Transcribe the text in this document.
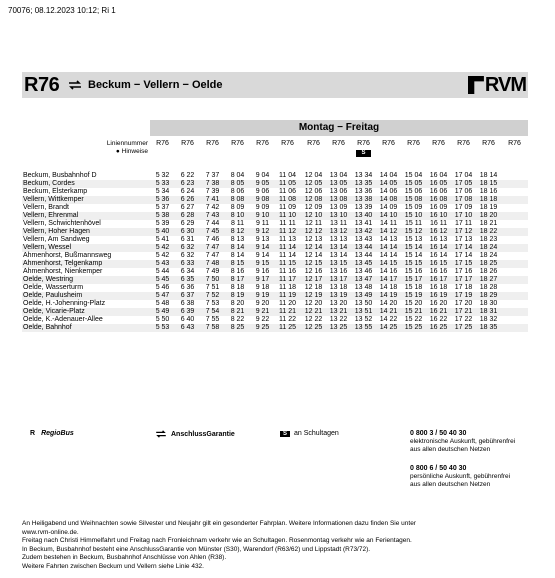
70076; 08.12.2023 10:12; Ri 1
R76	Beckum − Vellern − Oelde	RVM
Montag − Freitag
Liniennummer
● Hinweise
R76	R76	R76	R76	R76	R76	R76	R76	R76	R76	R76	R76	R76	R76	R76
S
Beckum, Busbahnhof D	5 32	6 22	7 37	8 04	9 04	11 04	12 04	13 04	13 34	14 04	15 04	16 04	17 04	18 14
Beckum, Cordes	5 33	6 23	7 38	8 05	9 05	11 05	12 05	13 05	13 35	14 05	15 05	16 05	17 05	18 15
Beckum, Elsterkamp	5 34	6 24	7 39	8 06	9 06	11 06	12 06	13 06	13 36	14 06	15 06	16 06	17 06	18 16
Vellern, Wittkemper	5 36	6 26	7 41	8 08	9 08	11 08	12 08	13 08	13 38	14 08	15 08	16 08	17 08	18 18
Vellern, Brandt	5 37	6 27	7 42	8 09	9 09	11 09	12 09	13 09	13 39	14 09	15 09	16 09	17 09	18 19
Vellern, Ehrenmal	5 38	6 28	7 43	8 10	9 10	11 10	12 10	13 10	13 40	14 10	15 10	16 10	17 10	18 20
Vellern, Schwichtenhövel	5 39	6 29	7 44	8 11	9 11	11 11	12 11	13 11	13 41	14 11	15 11	16 11	17 11	18 21
Vellern, Hoher Hagen	5 40	6 30	7 45	8 12	9 12	11 12	12 12	13 12	13 42	14 12	15 12	16 12	17 12	18 22
Vellern, Am Sandweg	5 41	6 31	7 46	8 13	9 13	11 13	12 13	13 13	13 43	14 13	15 13	16 13	17 13	18 23
Vellern, Wessel	5 42	6 32	7 47	8 14	9 14	11 14	12 14	13 14	13 44	14 14	15 14	16 14	17 14	18 24
Ahmenhorst, Bußmannsweg	5 42	6 32	7 47	8 14	9 14	11 14	12 14	13 14	13 44	14 14	15 14	16 14	17 14	18 24
Ahmenhorst, Telgenkamp	5 43	6 33	7 48	8 15	9 15	11 15	12 15	13 15	13 45	14 15	15 15	16 15	17 15	18 25
Ahmenhorst, Nienkemper	5 44	6 34	7 49	8 16	9 16	11 16	12 16	13 16	13 46	14 16	15 16	16 16	17 16	18 26
Oelde, Westring	5 45	6 35	7 50	8 17	9 17	11 17	12 17	13 17	13 47	14 17	15 17	16 17	17 17	18 27
Oelde, Wasserturm	5 46	6 36	7 51	8 18	9 18	11 18	12 18	13 18	13 48	14 18	15 18	16 18	17 18	18 28
Oelde, Paulusheim	5 47	6 37	7 52	8 19	9 19	11 19	12 19	13 19	13 49	14 19	15 19	16 19	17 19	18 29
Oelde, H.-Johenning-Platz	5 48	6 38	7 53	8 20	9 20	11 20	12 20	13 20	13 50	14 20	15 20	16 20	17 20	18 30
Oelde, Vicarie-Platz	5 49	6 39	7 54	8 21	9 21	11 21	12 21	13 21	13 51	14 21	15 21	16 21	17 21	18 31
Oelde, K.-Adenauer-Allee	5 50	6 40	7 55	8 22	9 22	11 22	12 22	13 22	13 52	14 22	15 22	16 22	17 22	18 32
Oelde, Bahnhof	5 53	6 43	7 58	8 25	9 25	11 25	12 25	13 25	13 55	14 25	15 25	16 25	17 25	18 35
R RegioBus	AnschlussGarantie	S	an Schultagen	0 800 3 / 50 40 30
elektronische Auskunft, gebührenfrei
aus allen deutschen Netzen
0 800 6 / 50 40 30
persönliche Auskunft, gebührenfrei
aus allen deutschen Netzen
An Heiligabend und Weihnachten sowie Silvester und Neujahr gilt ein gesonderter Fahrplan. Weitere Informationen dazu finden Sie unter
www.rvm-online.de.
Freitag nach Christi Himmelfahrt und Freitag nach Fronleichnam verkehr wie an Schultagen. Rosenmontag verkehr wie an Ferientagen.
In Beckum, Busbahnhof besteht eine AnschlussGarantie von Münster (S30), Warendorf (R63/62) und Lippstadt (R73/72).
Zudem bestehen in Beckum, Busbahnhof Anschlüsse von Ahlen (R38).
Weitere Fahrten zwischen Beckum und Vellern siehe Linie 432.
